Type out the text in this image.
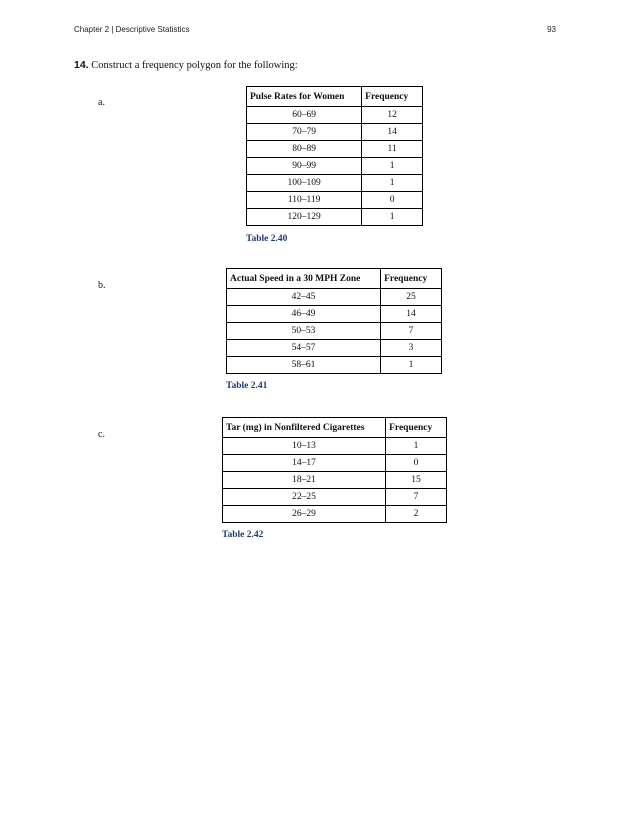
Chapter 2 | Descriptive Statistics	93
14. Construct a frequency polygon for the following:
a.
Pulse Rates for Women	Frequency
60–69	12
70–79	14
80–89	11
90–99	1
100–109	1
110–119	0
120–129	1
Table 2.40
b.
Actual Speed in a 30 MPH Zone	Frequency
42–45	25
46–49	14
50–53	7
54–57	3
58–61	1
Table 2.41
c.
Tar (mg) in Nonfiltered Cigarettes	Frequency
10–13	1
14–17	0
18–21	15
22–25	7
26–29	2
Table 2.42
